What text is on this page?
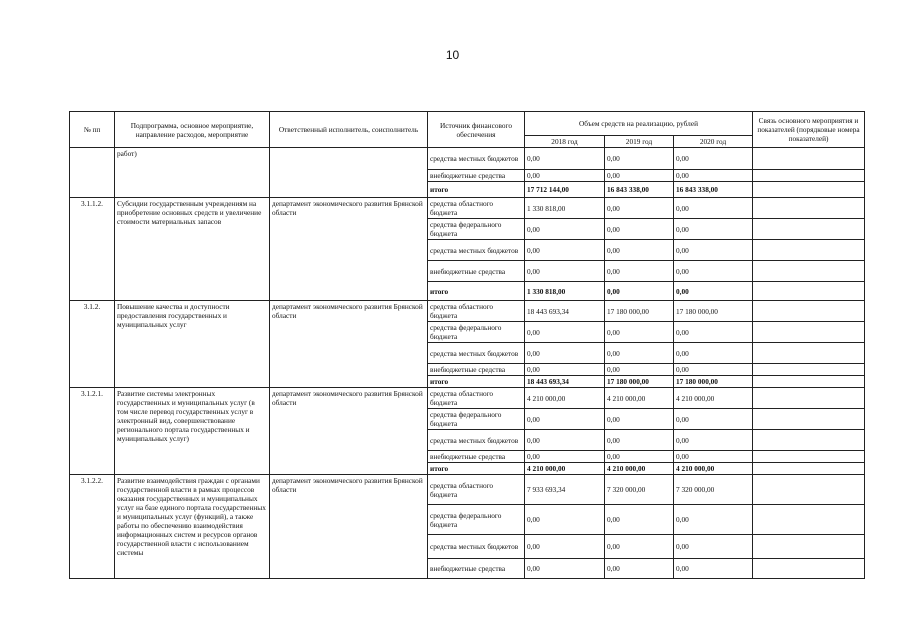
10
№ пп	Подпрограмма, основное мероприятие, направление расходов, мероприятие	Ответственный исполнитель, соисполнитель	Источник финансового обеспечения	Объем средств на реализацию, рублей			Связь основного мероприятия и показателей (порядковые номера показателей)
				2018 год	2019 год	2020 год	
	работ)		средства местных бюджетов	0,00	0,00	0,00	
			внебюджетные средства	0,00	0,00	0,00	
			итого	17 712 144,00	16 843 338,00	16 843 338,00	
3.1.1.2.	Субсидии государственным учреждениям на приобретение основных средств и увеличение стоимости материальных запасов	департамент экономического развития Брянской области	средства областного бюджета	1 330 818,00	0,00	0,00	
			средства федерального бюджета	0,00	0,00	0,00	
			средства местных бюджетов	0,00	0,00	0,00	
			внебюджетные средства	0,00	0,00	0,00	
			итого	1 330 818,00	0,00	0,00	
3.1.2.	Повышение качества и доступности предоставления государственных и муниципальных услуг	департамент экономического развития Брянской области	средства областного бюджета	18 443 693,34	17 180 000,00	17 180 000,00	
			средства федерального бюджета	0,00	0,00	0,00	
			средства местных бюджетов	0,00	0,00	0,00	
			внебюджетные средства	0,00	0,00	0,00	
			итого	18 443 693,34	17 180 000,00	17 180 000,00	
3.1.2.1.	Развитие системы электронных государственных и муниципальных услуг (в том числе перевод государственных услуг в электронный вид, совершенствование регионального портала государственных и муниципальных услуг)	департамент экономического развития Брянской области	средства областного бюджета	4 210 000,00	4 210 000,00	4 210 000,00	
			средства федерального бюджета	0,00	0,00	0,00	
			средства местных бюджетов	0,00	0,00	0,00	
			внебюджетные средства	0,00	0,00	0,00	
			итого	4 210 000,00	4 210 000,00	4 210 000,00	
3.1.2.2.	Развитие взаимодействия граждан с органами государственной власти в рамках процессов оказания государственных и муниципальных услуг на базе единого портала государственных и муниципальных услуг (функций), а также работы по обеспечению взаимодействия информационных систем и ресурсов органов государственной власти с использованием системы	департамент экономического развития Брянской области	средства областного бюджета	7 933 693,34	7 320 000,00	7 320 000,00	
			средства федерального бюджета	0,00	0,00	0,00	
			средства местных бюджетов	0,00	0,00	0,00	
			внебюджетные средства	0,00	0,00	0,00	
